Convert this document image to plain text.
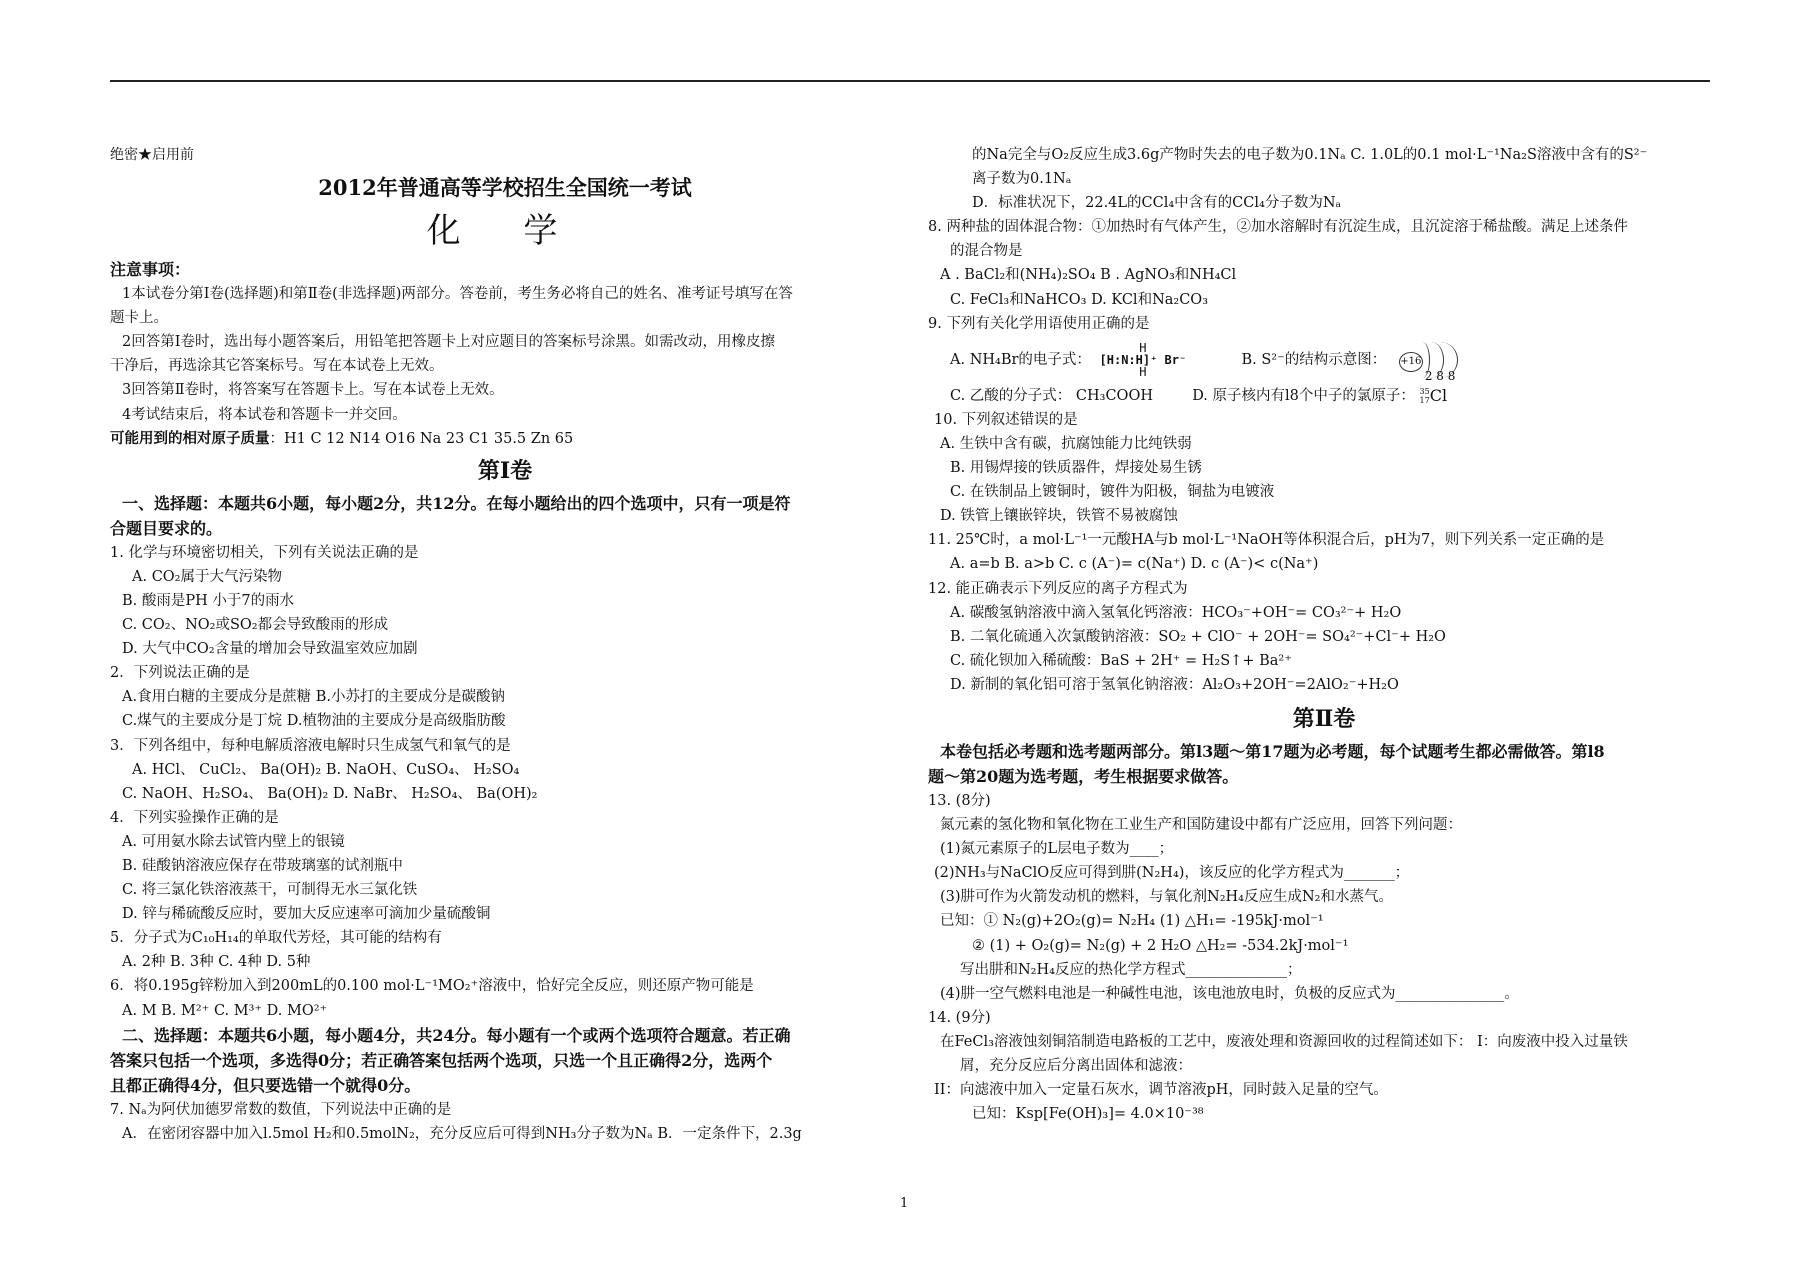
绝密★启用前
2012年普通高等学校招生全国统一考试
化 学
注意事项：
1本试卷分第Ⅰ卷(选择题)和第Ⅱ卷(非选择题)两部分。答卷前，考生务必将自己的姓名、准考证号填写在答
题卡上。
2回答第Ⅰ卷时，选出每小题答案后，用铅笔把答题卡上对应题目的答案标号涂黑。如需改动，用橡皮擦
干净后，再选涂其它答案标号。写在本试卷上无效。
3回答第Ⅱ卷时，将答案写在答题卡上。写在本试卷上无效。
4考试结束后，将本试卷和答题卡一并交回。
可能用到的相对原子质量：H1 C 12 N14 O16 Na 23 C1 35.5 Zn 65
第Ⅰ卷
一、选择题：本题共6小题，每小题2分，共12分。在每小题给出的四个选项中，只有一项是符
合题目要求的。
1. 化学与环境密切相关，下列有关说法正确的是
A. CO₂属于大气污染物
B. 酸雨是PH 小于7的雨水
C. CO₂、NO₂或SO₂都会导致酸雨的形成
D. 大气中CO₂含量的增加会导致温室效应加剧
2．下列说法正确的是
A.食用白糖的主要成分是蔗糖 B.小苏打的主要成分是碳酸钠
C.煤气的主要成分是丁烷 D.植物油的主要成分是高级脂肪酸
3．下列各组中，每种电解质溶液电解时只生成氢气和氧气的是
A. HCl、 CuCl₂、 Ba(OH)₂ B. NaOH、CuSO₄、 H₂SO₄
C. NaOH、H₂SO₄、 Ba(OH)₂ D. NaBr、 H₂SO₄、 Ba(OH)₂
4．下列实验操作正确的是
A. 可用氨水除去试管内壁上的银镜
B. 硅酸钠溶液应保存在带玻璃塞的试剂瓶中
C. 将三氯化铁溶液蒸干，可制得无水三氯化铁
D. 锌与稀硫酸反应时，要加大反应速率可滴加少量硫酸铜
5．分子式为C₁₀H₁₄的单取代芳烃，其可能的结构有
A. 2种 B. 3种 C. 4种 D. 5种
6．将0.195g锌粉加入到200mL的0.100 mol·L⁻¹MO₂⁺溶液中，恰好完全反应，则还原产物可能是
A. M B. M²⁺ C. M³⁺ D. MO²⁺
二、选择题：本题共6小题，每小题4分，共24分。每小题有一个或两个选项符合题意。若正确
答案只包括一个选项，多选得0分；若正确答案包括两个选项，只选一个且正确得2分，选两个
且都正确得4分，但只要选错一个就得0分。
7. Nₐ为阿伏加德罗常数的数值，下列说法中正确的是
A．在密闭容器中加入l.5mol H₂和0.5molN₂，充分反应后可得到NH₃分子数为Nₐ B．一定条件下，2.3g
的Na完全与O₂反应生成3.6g产物时失去的电子数为0.1Nₐ C. 1.0L的0.1 mol·L⁻¹Na₂S溶液中含有的S²⁻
离子数为0.1Nₐ
D．标准状况下，22.4L的CCl₄中含有的CCl₄分子数为Nₐ
8. 两种盐的固体混合物：①加热时有气体产生，②加水溶解时有沉淀生成，且沉淀溶于稀盐酸。满足上述条件
的混合物是
A . BaCl₂和(NH₄)₂SO₄ B . AgNO₃和NH₄Cl
C. FeCl₃和NaHCO₃ D. KCl和Na₂CO₃
9. 下列有关化学用语使用正确的是
A. NH₄Br的电子式：
H
[H:N:H]⁺ Br⁻
H
B. S²⁻的结构示意图： +16
2 8 8
C. 乙酸的分子式： CH₃COOH	D. 原子核内有l8个中子的氯原子： 35
17 Cl
10. 下列叙述错误的是
A. 生铁中含有碳，抗腐蚀能力比纯铁弱
B. 用锡焊接的铁质器件，焊接处易生锈
C. 在铁制品上镀铜时，镀件为阳极，铜盐为电镀液
D. 铁管上镶嵌锌块，铁管不易被腐蚀
11. 25℃时，a mol·L⁻¹一元酸HA与b mol·L⁻¹NaOH等体积混合后，pH为7，则下列关系一定正确的是
A. a=b B. a>b C. c (A⁻)= c(Na⁺) D. c (A⁻)< c(Na⁺)
12. 能正确表示下列反应的离子方程式为
A. 碳酸氢钠溶液中滴入氢氧化钙溶液：HCO₃⁻+OH⁻= CO₃²⁻+ H₂O
B. 二氧化硫通入次氯酸钠溶液：SO₂ + ClO⁻ + 2OH⁻= SO₄²⁻+Cl⁻+ H₂O
C. 硫化钡加入稀硫酸：BaS + 2H⁺ = H₂S↑+ Ba²⁺
D. 新制的氧化铝可溶于氢氧化钠溶液：Al₂O₃+2OH⁻=2AlO₂⁻+H₂O
第Ⅱ卷
本卷包括必考题和选考题两部分。第l3题～第17题为必考题，每个试题考生都必需做答。第l8
题～第20题为选考题，考生根据要求做答。
13. (8分)
氮元素的氢化物和氧化物在工业生产和国防建设中都有广泛应用，回答下列问题：
(1)氮元素原子的L层电子数为____；
(2)NH₃与NaClO反应可得到肼(N₂H₄)，该反应的化学方程式为_______；
(3)肼可作为火箭发动机的燃料，与氧化剂N₂H₄反应生成N₂和水蒸气。
已知：① N₂(g)+2O₂(g)= N₂H₄ (1) △H₁= -195kJ·mol⁻¹
② (1) + O₂(g)= N₂(g) + 2 H₂O △H₂= -534.2kJ·mol⁻¹
写出肼和N₂H₄反应的热化学方程式______________；
(4)肼一空气燃料电池是一种碱性电池，该电池放电时，负极的反应式为_______________。
14. (9分)
在FeCl₃溶液蚀刻铜箔制造电路板的工艺中，废液处理和资源回收的过程简述如下： I：向废液中投入过量铁
屑，充分反应后分离出固体和滤液：
II：向滤液中加入一定量石灰水，调节溶液pH，同时鼓入足量的空气。
已知：Ksp[Fe(OH)₃]= 4.0×10⁻³⁸
1
